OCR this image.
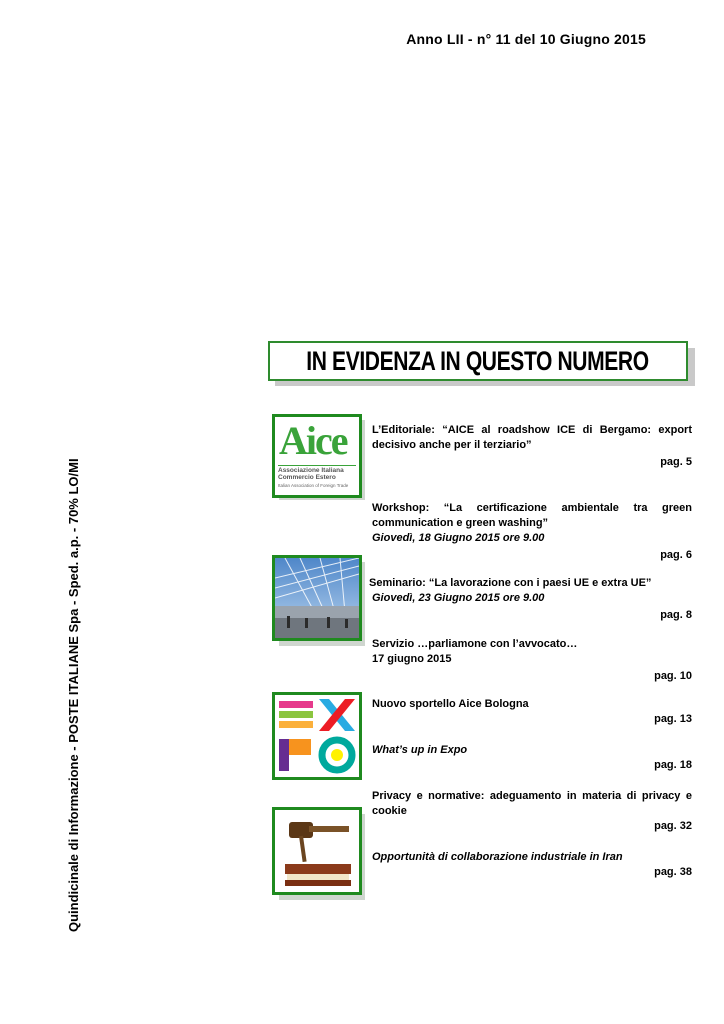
Anno LII - n° 11 del 10 Giugno 2015
Quindicinale di Informazione - POSTE ITALIANE Spa - Sped. a.p. - 70% LO/MI
IN EVIDENZA IN QUESTO NUMERO
Aice
Associazione Italiana
Commercio Estero
Italian Association of Foreign Trade
L’Editoriale: “AICE al roadshow ICE di Bergamo: export decisivo anche per il terziario”
pag. 5
Workshop: “La certificazione ambientale tra green communication e green washing”
Giovedì, 18 Giugno 2015 ore 9.00
pag. 6
Seminario: “La lavorazione con i paesi UE e extra UE”
Giovedì, 23 Giugno 2015 ore 9.00
pag. 8
Servizio …parliamone con l’avvocato…
17 giugno 2015
pag. 10
Nuovo sportello Aice Bologna
pag. 13
What’s up in Expo
pag. 18
Privacy e normative: adeguamento in materia di privacy e cookie
pag. 32
Opportunità di collaborazione industriale in Iran
pag. 38
